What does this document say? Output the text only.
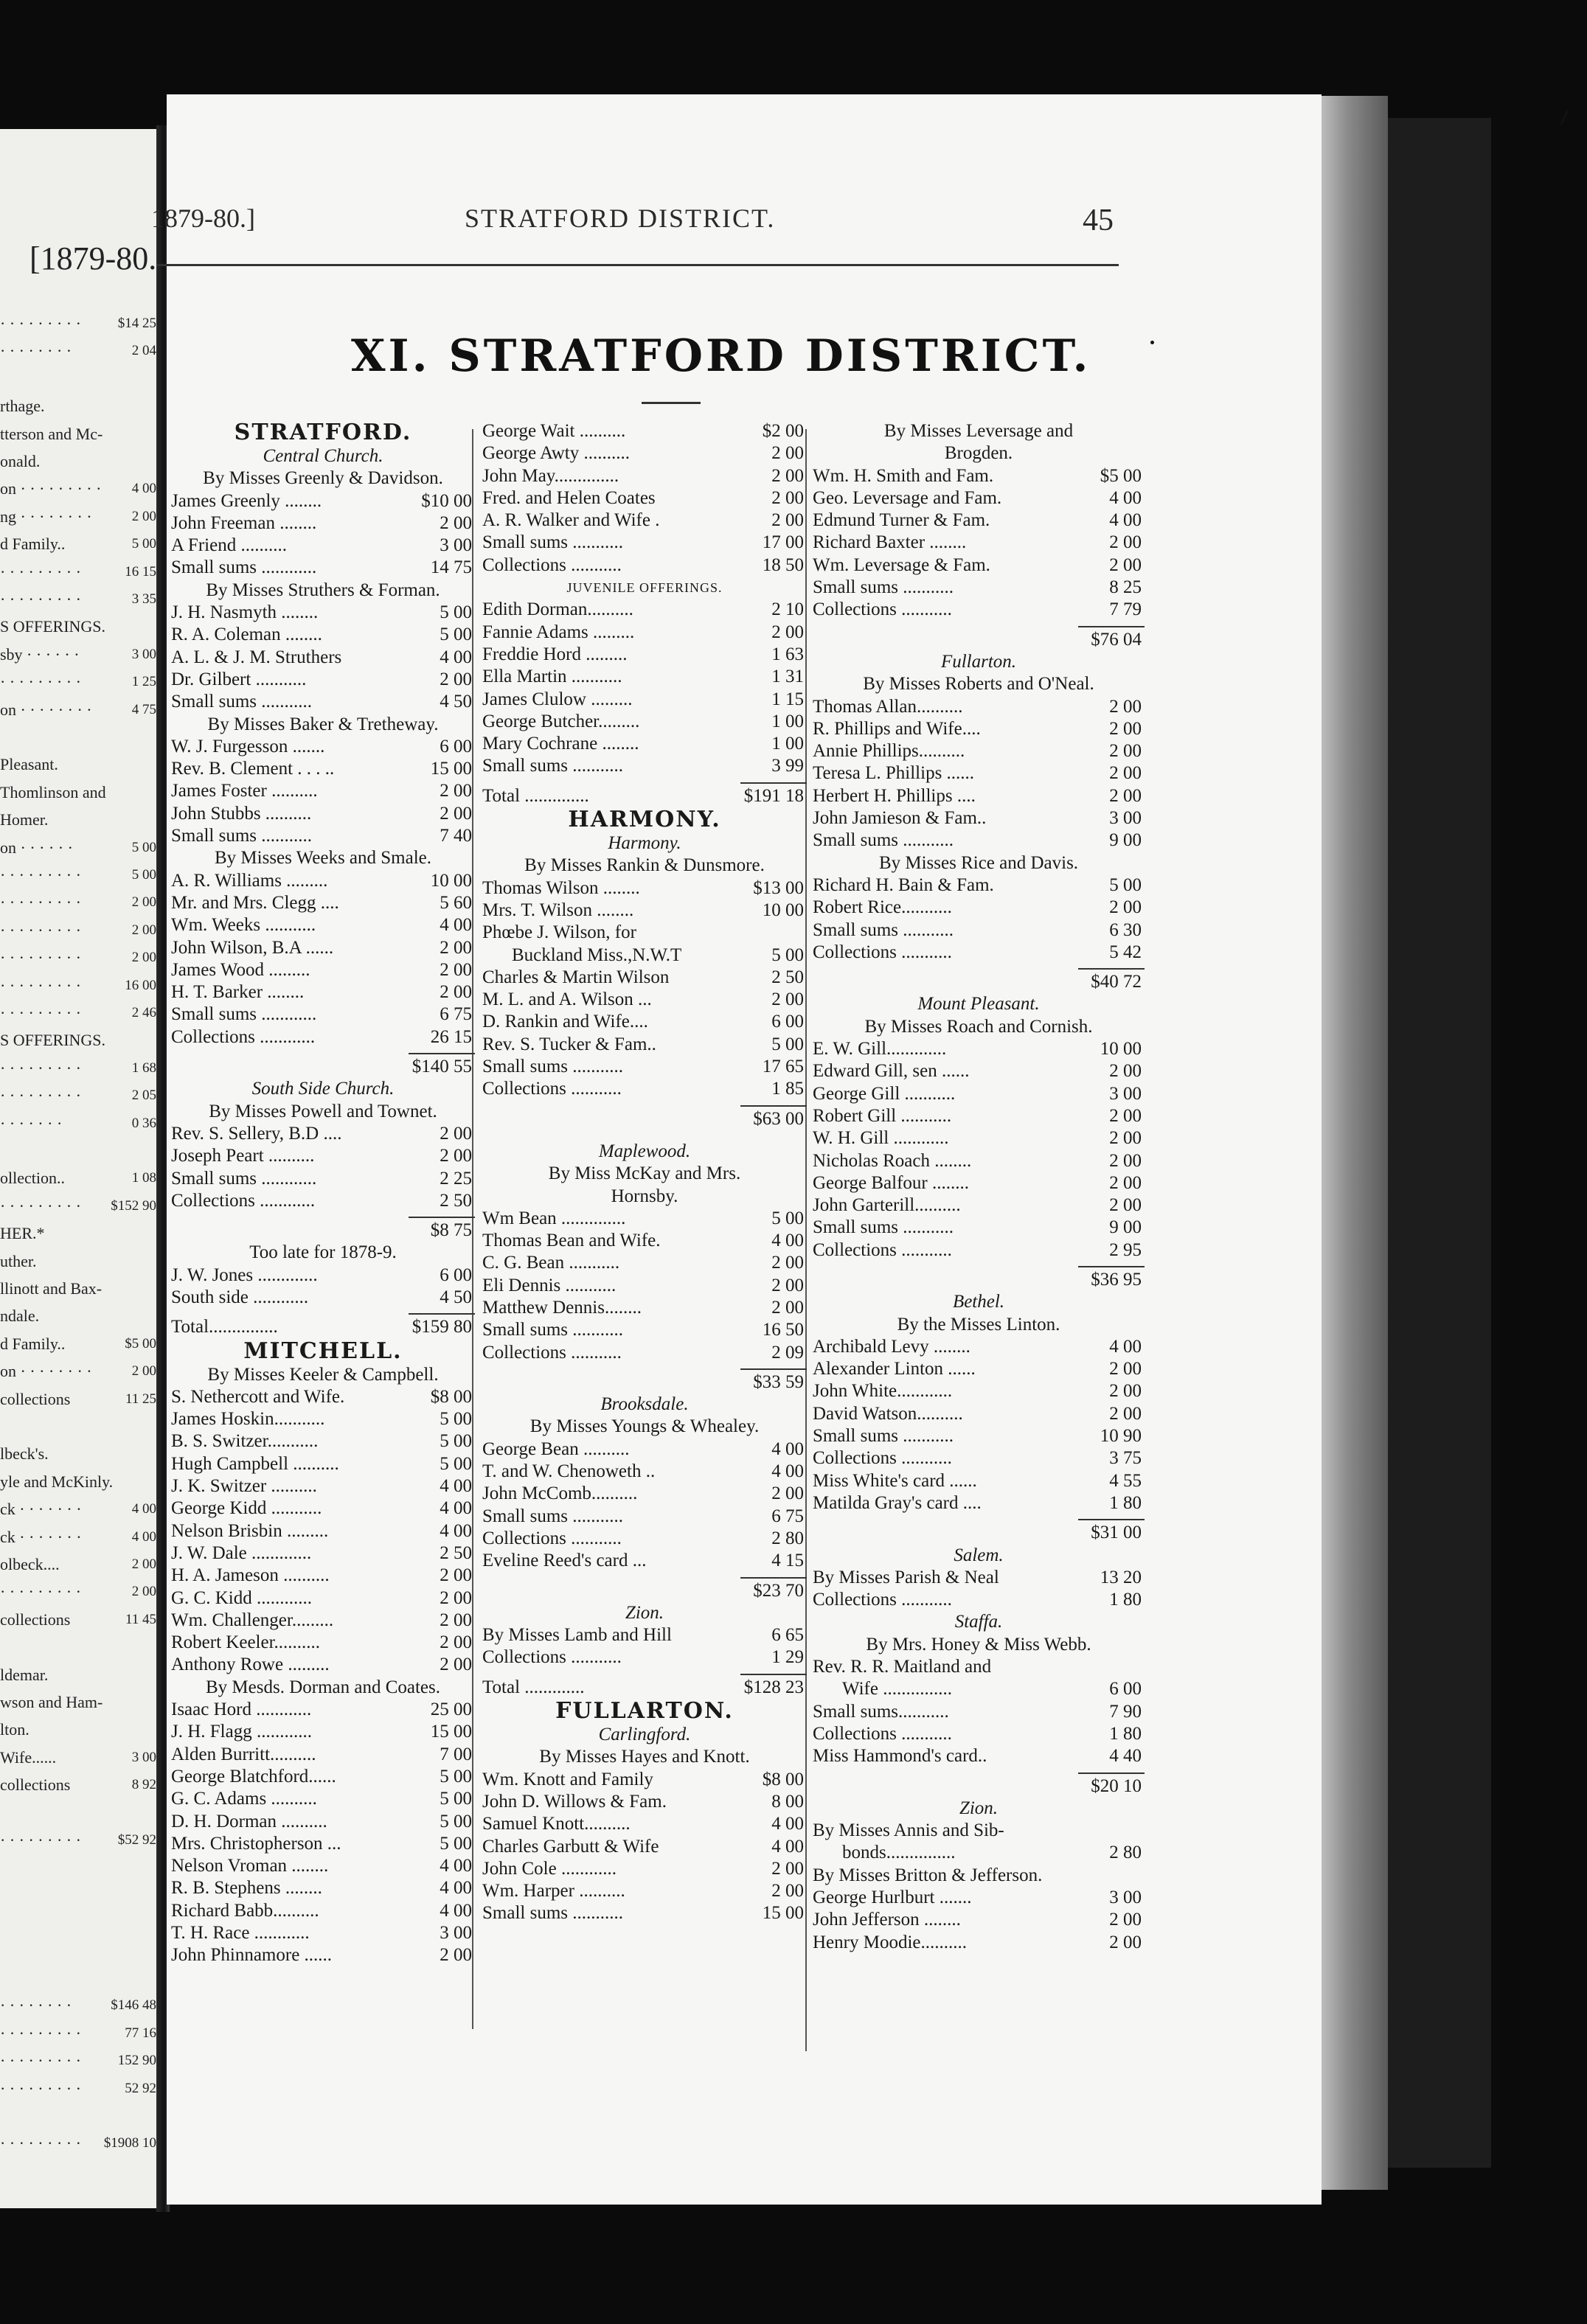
[1879-80.
· · · · · · · · ·	$14 25
· · · · · · · ·	2 04
rthage.
tterson and Mc-
onald.
on · · · · · · · · · 4 00
ng · · · · · · · ·	2 00
d Family..	5 00
· · · · · · · · ·	16 15
· · · · · · · · ·	3 35
S OFFERINGS.
sby · · · · · ·	3 00
· · · · · · · · ·	1 25
on · · · · · · · ·	4 75
Pleasant.
Thomlinson and
Homer.
on · · · · · ·	5 00
· · · · · · · · ·	5 00
· · · · · · · · ·	2 00
· · · · · · · · ·	2 00
· · · · · · · · ·	2 00
· · · · · · · · ·	16 00
· · · · · · · · ·	2 46
S OFFERINGS.
· · · · · · · · ·	1 68
· · · · · · · · ·	2 05
· · · · · · ·	0 36
ollection..	1 08
· · · · · · · · · $152 90
HER.*
uther.
llinott and Bax-
ndale.
d Family..	$5 00
on · · · · · · · ·	2 00
collections	11 25
lbeck's.
yle and McKinly.
ck · · · · · · ·	4 00
ck · · · · · · ·	4 00
olbeck....	2 00
· · · · · · · · ·	2 00
collections	11 45
ldemar.
wson and Ham-
lton.
Wife......	3 00
collections	8 92
· · · · · · · · ·	$52 92
· · · · · · · ·	$146 48
· · · · · · · · ·	77 16
· · · · · · · · ·	152 90
· · · · · · · · ·	52 92
· · · · · · · · · $1908 10
1879-80.]	STRATFORD DISTRICT.	45
XI. STRATFORD DISTRICT.
STRATFORD.
Central Church.
By Misses Greenly & Davidson.
James Greenly ........	$10 00
John Freeman ........	2 00
A Friend ..........	3 00
Small sums ............	14 75
By Misses Struthers & Forman.
J. H. Nasmyth ........	5 00
R. A. Coleman ........	5 00
A. L. & J. M. Struthers	4 00
Dr. Gilbert ...........	2 00
Small sums ...........	4 50
By Misses Baker & Tretheway.
W. J. Furgesson .......	6 00
Rev. B. Clement . . . ..	15 00
James Foster ..........	2 00
John Stubbs ..........	2 00
Small sums ...........	7 40
By Misses Weeks and Smale.
A. R. Williams .........	10 00
Mr. and Mrs. Clegg ....	5 60
Wm. Weeks ...........	4 00
John Wilson, B.A ......	2 00
James Wood .........	2 00
H. T. Barker ........	2 00
Small sums ............	6 75
Collections ............	26 15
$140 55
South Side Church.
By Misses Powell and Townet.
Rev. S. Sellery, B.D ....	2 00
Joseph Peart ..........	2 00
Small sums ............	2 25
Collections ............	2 50
$8 75
Too late for 1878-9.
J. W. Jones .............	6 00
South side ............	4 50
Total...............	$159 80
MITCHELL.
By Misses Keeler & Campbell.
S. Nethercott and Wife.	$8 00
James Hoskin...........	5 00
B. S. Switzer...........	5 00
Hugh Campbell ..........	5 00
J. K. Switzer ..........	4 00
George Kidd ...........	4 00
Nelson Brisbin .........	4 00
J. W. Dale .............	2 50
H. A. Jameson ..........	2 00
G. C. Kidd ............	2 00
Wm. Challenger.........	2 00
Robert Keeler..........	2 00
Anthony Rowe .........	2 00
By Mesds. Dorman and Coates.
Isaac Hord ............	25 00
J. H. Flagg ............	15 00
Alden Burritt..........	7 00
George Blatchford......	5 00
G. C. Adams ..........	5 00
D. H. Dorman ..........	5 00
Mrs. Christopherson ...	5 00
Nelson Vroman ........	4 00
R. B. Stephens ........	4 00
Richard Babb..........	4 00
T. H. Race ............	3 00
John Phinnamore ......	2 00
George Wait ..........	$2 00
George Awty ..........	2 00
John May..............	2 00
Fred. and Helen Coates	2 00
A. R. Walker and Wife .	2 00
Small sums ...........	17 00
Collections ...........	18 50
JUVENILE OFFERINGS.
Edith Dorman..........	2 10
Fannie Adams .........	2 00
Freddie Hord .........	1 63
Ella Martin ...........	1 31
James Clulow .........	1 15
George Butcher.........	1 00
Mary Cochrane ........	1 00
Small sums ...........	3 99
Total ..............	$191 18
HARMONY.
Harmony.
By Misses Rankin & Dunsmore.
Thomas Wilson ........	$13 00
Mrs. T. Wilson ........	10 00
Phœbe J. Wilson, for
Buckland Miss.,N.W.T	5 00
Charles & Martin Wilson	2 50
M. L. and A. Wilson ...	2 00
D. Rankin and Wife....	6 00
Rev. S. Tucker & Fam..	5 00
Small sums ...........	17 65
Collections ...........	1 85
$63 00
Maplewood.
By Miss McKay and Mrs.
Hornsby.
Wm Bean ..............	5 00
Thomas Bean and Wife.	4 00
C. G. Bean ...........	2 00
Eli Dennis ...........	2 00
Matthew Dennis........	2 00
Small sums ...........	16 50
Collections ...........	2 09
$33 59
Brooksdale.
By Misses Youngs & Whealey.
George Bean ..........	4 00
T. and W. Chenoweth ..	4 00
John McComb..........	2 00
Small sums ...........	6 75
Collections ...........	2 80
Eveline Reed's card ...	4 15
$23 70
Zion.
By Misses Lamb and Hill	6 65
Collections ...........	1 29
Total .............	$128 23
FULLARTON.
Carlingford.
By Misses Hayes and Knott.
Wm. Knott and Family	$8 00
John D. Willows & Fam.	8 00
Samuel Knott..........	4 00
Charles Garbutt & Wife	4 00
John Cole ............	2 00
Wm. Harper ..........	2 00
Small sums ...........	15 00
By Misses Leversage and
Brogden.
Wm. H. Smith and Fam.	$5 00
Geo. Leversage and Fam.	4 00
Edmund Turner & Fam.	4 00
Richard Baxter ........	2 00
Wm. Leversage & Fam.	2 00
Small sums ...........	8 25
Collections ...........	7 79
$76 04
Fullarton.
By Misses Roberts and O'Neal.
Thomas Allan..........	2 00
R. Phillips and Wife....	2 00
Annie Phillips..........	2 00
Teresa L. Phillips ......	2 00
Herbert H. Phillips ....	2 00
John Jamieson & Fam..	3 00
Small sums ...........	9 00
By Misses Rice and Davis.
Richard H. Bain & Fam.	5 00
Robert Rice...........	2 00
Small sums ...........	6 30
Collections ...........	5 42
$40 72
Mount Pleasant.
By Misses Roach and Cornish.
E. W. Gill.............	10 00
Edward Gill, sen ......	2 00
George Gill ...........	3 00
Robert Gill ...........	2 00
W. H. Gill ............	2 00
Nicholas Roach ........	2 00
George Balfour ........	2 00
John Garterill..........	2 00
Small sums ...........	9 00
Collections ...........	2 95
$36 95
Bethel.
By the Misses Linton.
Archibald Levy ........	4 00
Alexander Linton ......	2 00
John White............	2 00
David Watson..........	2 00
Small sums ...........	10 90
Collections ...........	3 75
Miss White's card ......	4 55
Matilda Gray's card ....	1 80
$31 00
Salem.
By Misses Parish & Neal	13 20
Collections ...........	1 80
Staffa.
By Mrs. Honey & Miss Webb.
Rev. R. R. Maitland and
Wife ...............	6 00
Small sums...........	7 90
Collections ...........	1 80
Miss Hammond's card..	4 40
$20 10
Zion.
By Misses Annis and Sib-
bonds...............	2 80
By Misses Britton & Jefferson.
George Hurlburt .......	3 00
John Jefferson ........	2 00
Henry Moodie..........	2 00
